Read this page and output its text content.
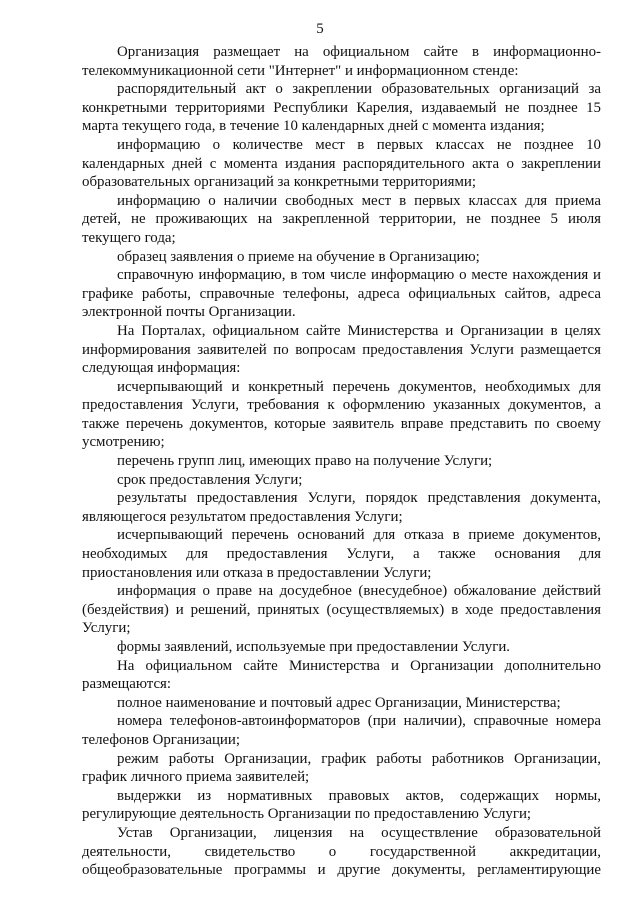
5

Организация размещает на официальном сайте в информационно-телекоммуникационной сети "Интернет" и информационном стенде:

распорядительный акт о закреплении образовательных организаций за конкретными территориями Республики Карелия, издаваемый не позднее 15 марта текущего года, в течение 10 календарных дней с момента издания;

информацию о количестве мест в первых классах не позднее 10 календарных дней с момента издания распорядительного акта о закреплении образовательных организаций за конкретными территориями;

информацию о наличии свободных мест в первых классах для приема детей, не проживающих на закрепленной территории, не позднее 5 июля текущего года;

образец заявления о приеме на обучение в Организацию;

справочную информацию, в том числе информацию о месте нахождения и графике работы, справочные телефоны, адреса официальных сайтов, адреса электронной почты Организации.

На Порталах, официальном сайте Министерства и Организации в целях информирования заявителей по вопросам предоставления Услуги размещается следующая информация:

исчерпывающий и конкретный перечень документов, необходимых для предоставления Услуги, требования к оформлению указанных документов, а также перечень документов, которые заявитель вправе представить по своему усмотрению;

перечень групп лиц, имеющих право на получение Услуги;

срок предоставления Услуги;

результаты предоставления Услуги, порядок представления документа, являющегося результатом предоставления Услуги;

исчерпывающий перечень оснований для отказа в приеме документов, необходимых для предоставления Услуги, а также основания для приостановления или отказа в предоставлении Услуги;

информация о праве на досудебное (внесудебное) обжалование действий (бездействия) и решений, принятых (осуществляемых) в ходе предоставления Услуги;

формы заявлений, используемые при предоставлении Услуги.

На официальном сайте Министерства и Организации дополнительно размещаются:

полное наименование и почтовый адрес Организации, Министерства;

номера телефонов-автоинформаторов (при наличии), справочные номера телефонов Организации;

режим работы Организации, график работы работников Организации, график личного приема заявителей;

выдержки из нормативных правовых актов, содержащих нормы, регулирующие деятельность Организации по предоставлению Услуги;

Устав Организации, лицензия на осуществление образовательной деятельности, свидетельство о государственной аккредитации, общеобразовательные программы и другие документы, регламентирующие
